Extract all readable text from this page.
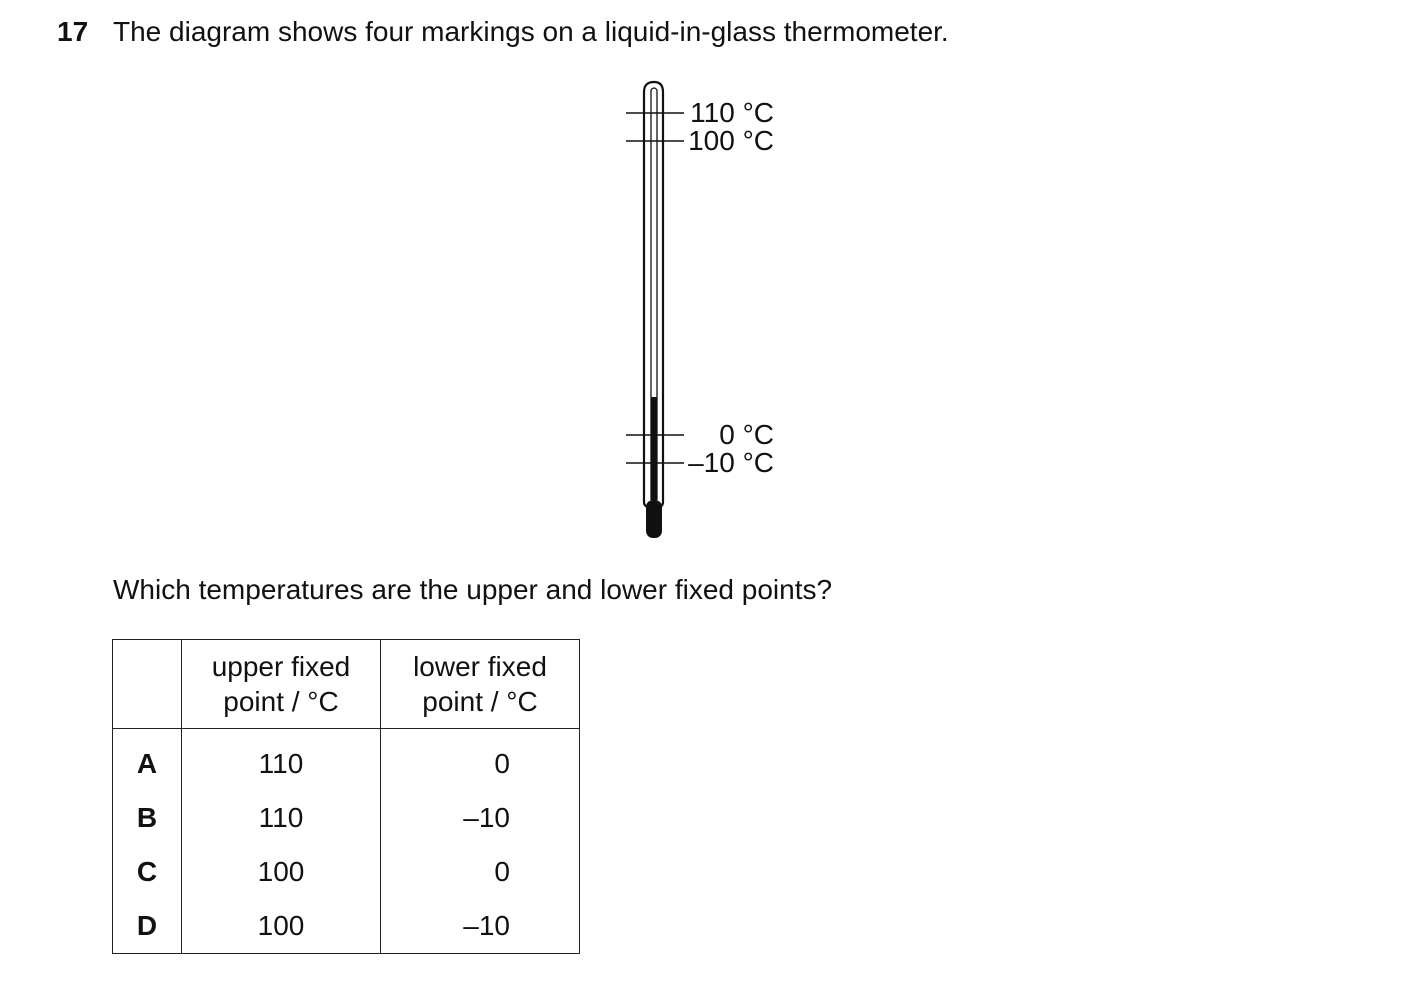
17 The diagram shows four markings on a liquid-in-glass thermometer.
110 °C
100 °C
0 °C
–10 °C
Which temperatures are the upper and lower fixed points?

	upper fixed
point / °C	lower fixed
point / °C

A	110	0
B	110	–10
C	100	0
D	100	–10
